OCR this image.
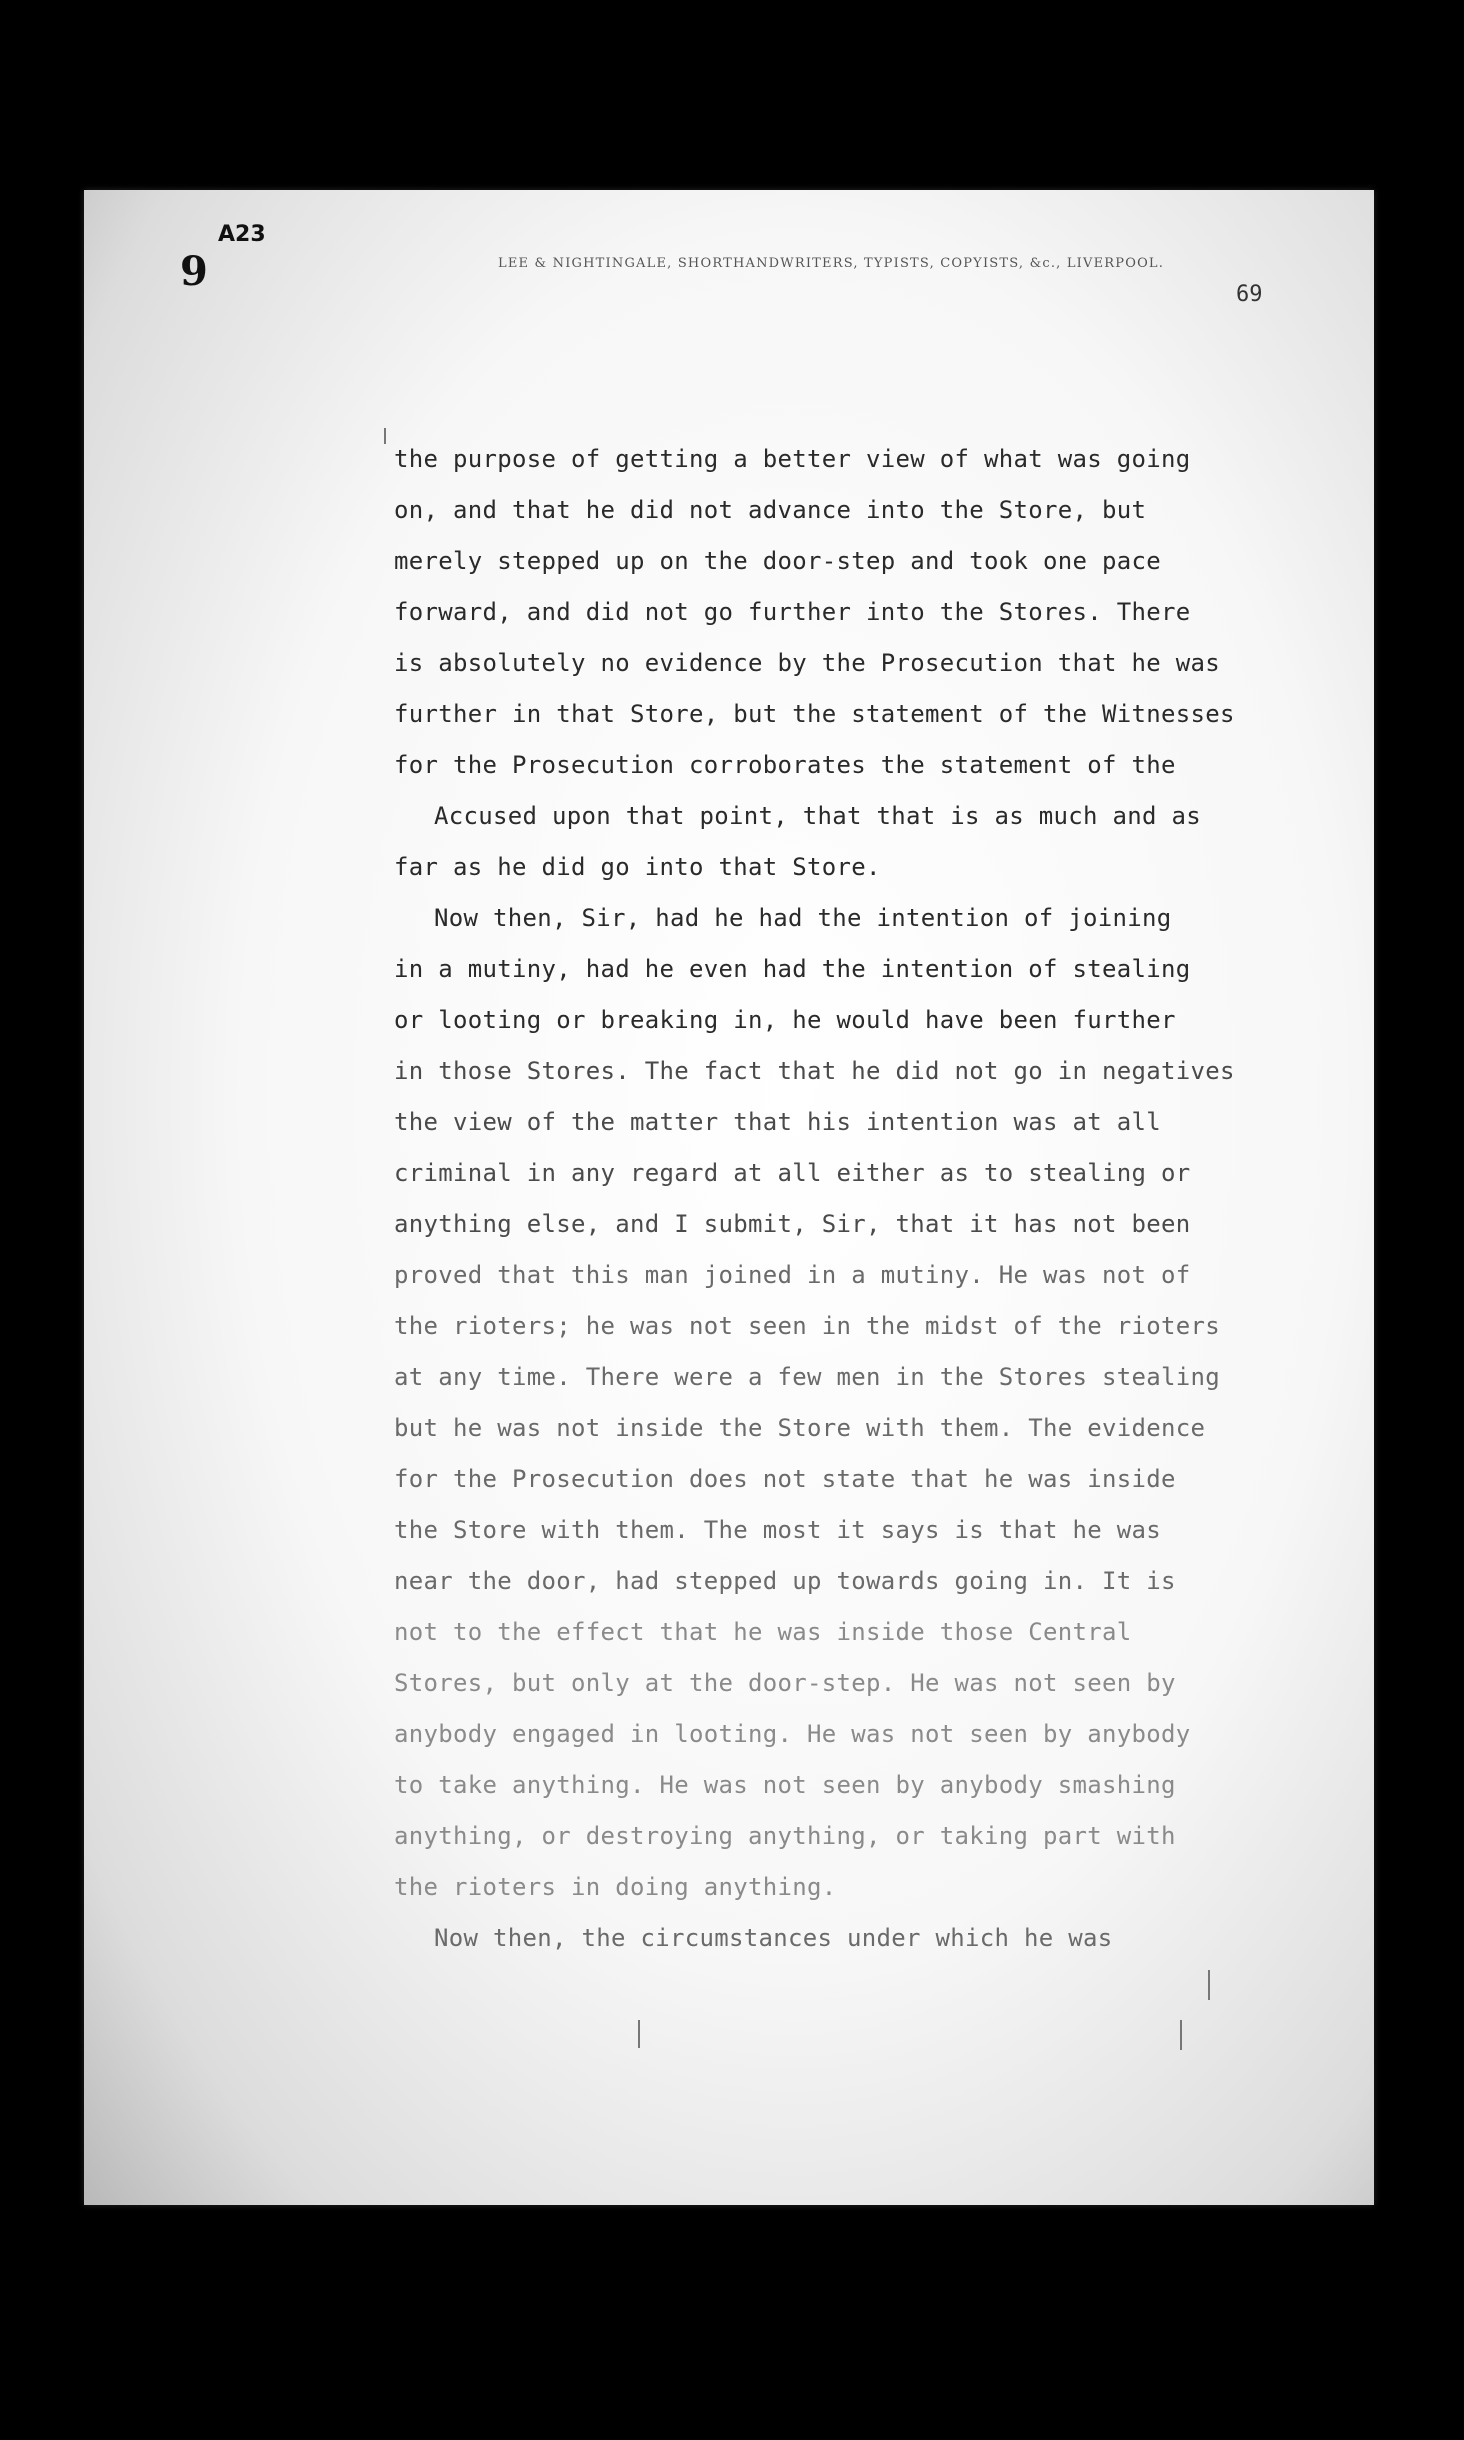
A23
9	LEE & NIGHTINGALE, SHORTHANDWRITERS, TYPISTS, COPYISTS, &c., LIVERPOOL.
69
the purpose of getting a better view of what was going
on, and that he did not advance into the Store, but
merely stepped up on the door-step and took one pace
forward, and did not go further into the Stores. There
is absolutely no evidence by the Prosecution that he was
further in that Store, but the statement of the Witnesses
for the Prosecution corroborates the statement of the
Accused upon that point, that that is as much and as
far as he did go into that Store.
Now then, Sir, had he had the intention of joining
in a mutiny, had he even had the intention of stealing
or looting or breaking in, he would have been further
in those Stores. The fact that he did not go in negatives
the view of the matter that his intention was at all
criminal in any regard at all either as to stealing or
anything else, and I submit, Sir, that it has not been
proved that this man joined in a mutiny. He was not of
the rioters; he was not seen in the midst of the rioters
at any time. There were a few men in the Stores stealing
but he was not inside the Store with them. The evidence
for the Prosecution does not state that he was inside
the Store with them. The most it says is that he was
near the door, had stepped up towards going in. It is
not to the effect that he was inside those Central
Stores, but only at the door-step. He was not seen by
anybody engaged in looting. He was not seen by anybody
to take anything. He was not seen by anybody smashing
anything, or destroying anything, or taking part with
the rioters in doing anything.
Now then, the circumstances under which he was
